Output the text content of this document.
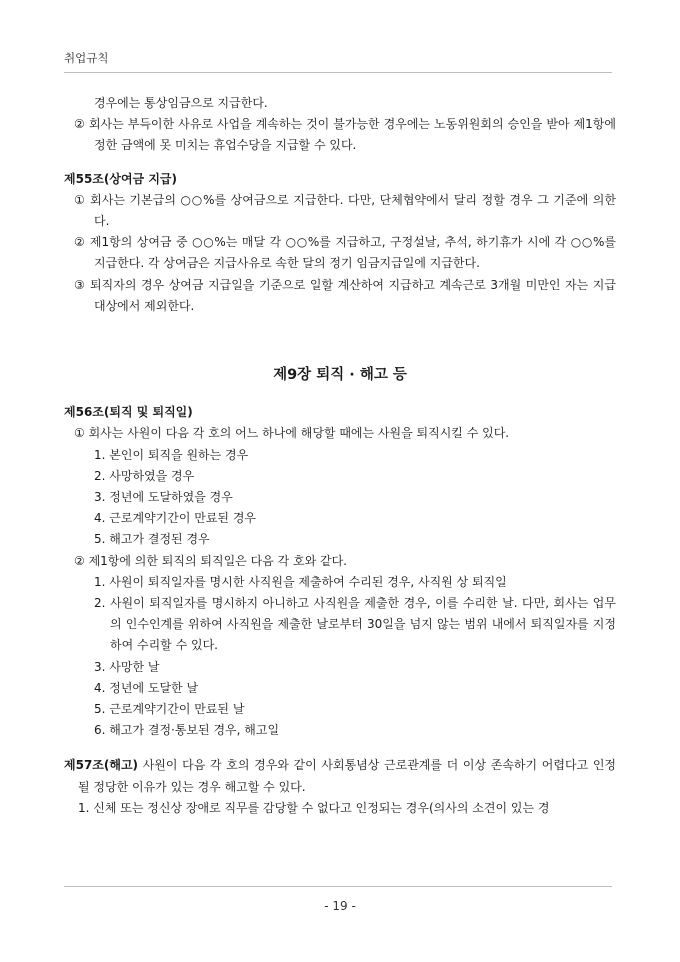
취업규칙

경우에는 통상임금으로 지급한다.

② 회사는 부득이한 사유로 사업을 계속하는 것이 불가능한 경우에는 노동위원회의 승인을 받아 제1항에 정한 금액에 못 미치는 휴업수당을 지급할 수 있다.

제55조(상여금 지급)

① 회사는 기본급의 ○○%를 상여금으로 지급한다. 다만, 단체협약에서 달리 정할 경우 그 기준에 의한다.

② 제1항의 상여금 중 ○○%는 매달 각 ○○%를 지급하고, 구정설날, 추석, 하기휴가 시에 각 ○○%를 지급한다. 각 상여금은 지급사유로 속한 달의 정기 임금지급일에 지급한다.

③ 퇴직자의 경우 상여금 지급일을 기준으로 일할 계산하여 지급하고 계속근로 3개월 미만인 자는 지급대상에서 제외한다.

제9장 퇴직 · 해고 등

제56조(퇴직 및 퇴직일)

① 회사는 사원이 다음 각 호의 어느 하나에 해당할 때에는 사원을 퇴직시킬 수 있다.

1. 본인이 퇴직을 원하는 경우

2. 사망하였을 경우

3. 정년에 도달하였을 경우

4. 근로계약기간이 만료된 경우

5. 해고가 결정된 경우

② 제1항에 의한 퇴직의 퇴직일은 다음 각 호와 같다.

1. 사원이 퇴직일자를 명시한 사직원을 제출하여 수리된 경우, 사직원 상 퇴직일

2. 사원이 퇴직일자를 명시하지 아니하고 사직원을 제출한 경우, 이를 수리한 날. 다만, 회사는 업무의 인수인계를 위하여 사직원을 제출한 날로부터 30일을 넘지 않는 범위 내에서 퇴직일자를 지정하여 수리할 수 있다.

3. 사망한 날

4. 정년에 도달한 날

5. 근로계약기간이 만료된 날

6. 해고가 결정·통보된 경우, 해고일

제57조(해고) 사원이 다음 각 호의 경우와 같이 사회통념상 근로관계를 더 이상 존속하기 어렵다고 인정될 정당한 이유가 있는 경우 해고할 수 있다.

1. 신체 또는 정신상 장애로 직무를 감당할 수 없다고 인정되는 경우(의사의 소견이 있는 경

- 19 -
